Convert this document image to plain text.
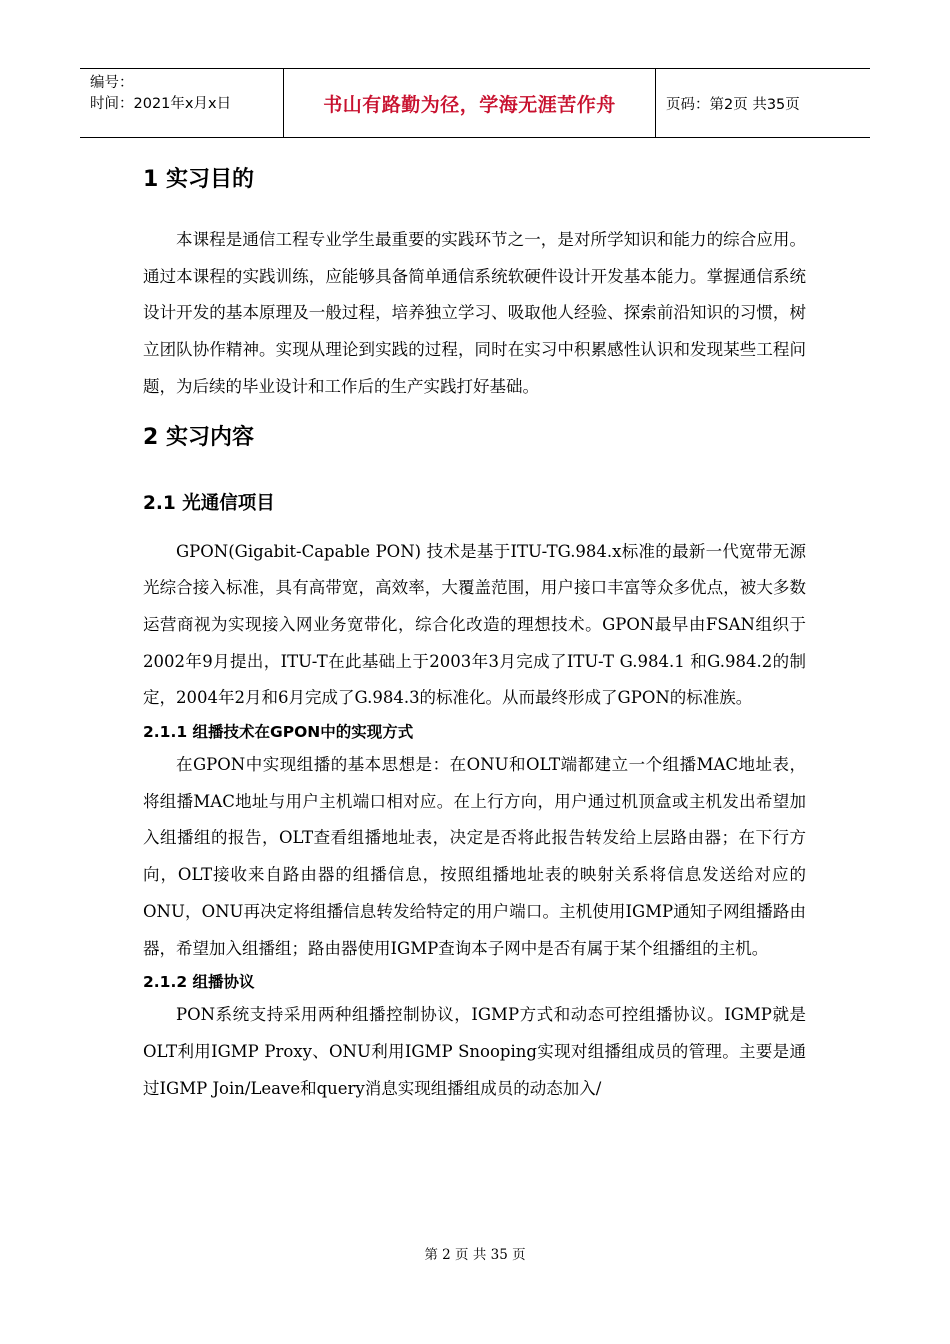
编号：
时间：2021年x月x日	书山有路勤为径，学海无涯苦作舟	页码：第2页 共35页
1 实习目的

本课程是通信工程专业学生最重要的实践环节之一，是对所学知识和能力的综合应用。通过本课程的实践训练，应能够具备简单通信系统软硬件设计开发基本能力。掌握通信系统设计开发的基本原理及一般过程，培养独立学习、吸取他人经验、探索前沿知识的习惯，树立团队协作精神。实现从理论到实践的过程，同时在实习中积累感性认识和发现某些工程问题，为后续的毕业设计和工作后的生产实践打好基础。

2 实习内容
2.1 光通信项目

GPON(Gigabit-Capable PON) 技术是基于ITU-TG.984.x标准的最新一代宽带无源光综合接入标准，具有高带宽，高效率，大覆盖范围，用户接口丰富等众多优点，被大多数运营商视为实现接入网业务宽带化，综合化改造的理想技术。GPON最早由FSAN组织于2002年9月提出，ITU-T在此基础上于2003年3月完成了ITU-T G.984.1 和G.984.2的制定，2004年2月和6月完成了G.984.3的标准化。从而最终形成了GPON的标准族。

2.1.1 组播技术在GPON中的实现方式

在GPON中实现组播的基本思想是：在ONU和OLT端都建立一个组播MAC地址表，将组播MAC地址与用户主机端口相对应。在上行方向，用户通过机顶盒或主机发出希望加入组播组的报告，OLT查看组播地址表，决定是否将此报告转发给上层路由器；在下行方向，OLT接收来自路由器的组播信息，按照组播地址表的映射关系将信息发送给对应的ONU，ONU再决定将组播信息转发给特定的用户端口。主机使用IGMP通知子网组播路由器，希望加入组播组；路由器使用IGMP查询本子网中是否有属于某个组播组的主机。

2.1.2 组播协议

PON系统支持采用两种组播控制协议，IGMP方式和动态可控组播协议。IGMP就是OLT利用IGMP Proxy、ONU利用IGMP Snooping实现对组播组成员的管理。主要是通过IGMP Join/Leave和query消息实现组播组成员的动态加入/

第 2 页 共 35 页
